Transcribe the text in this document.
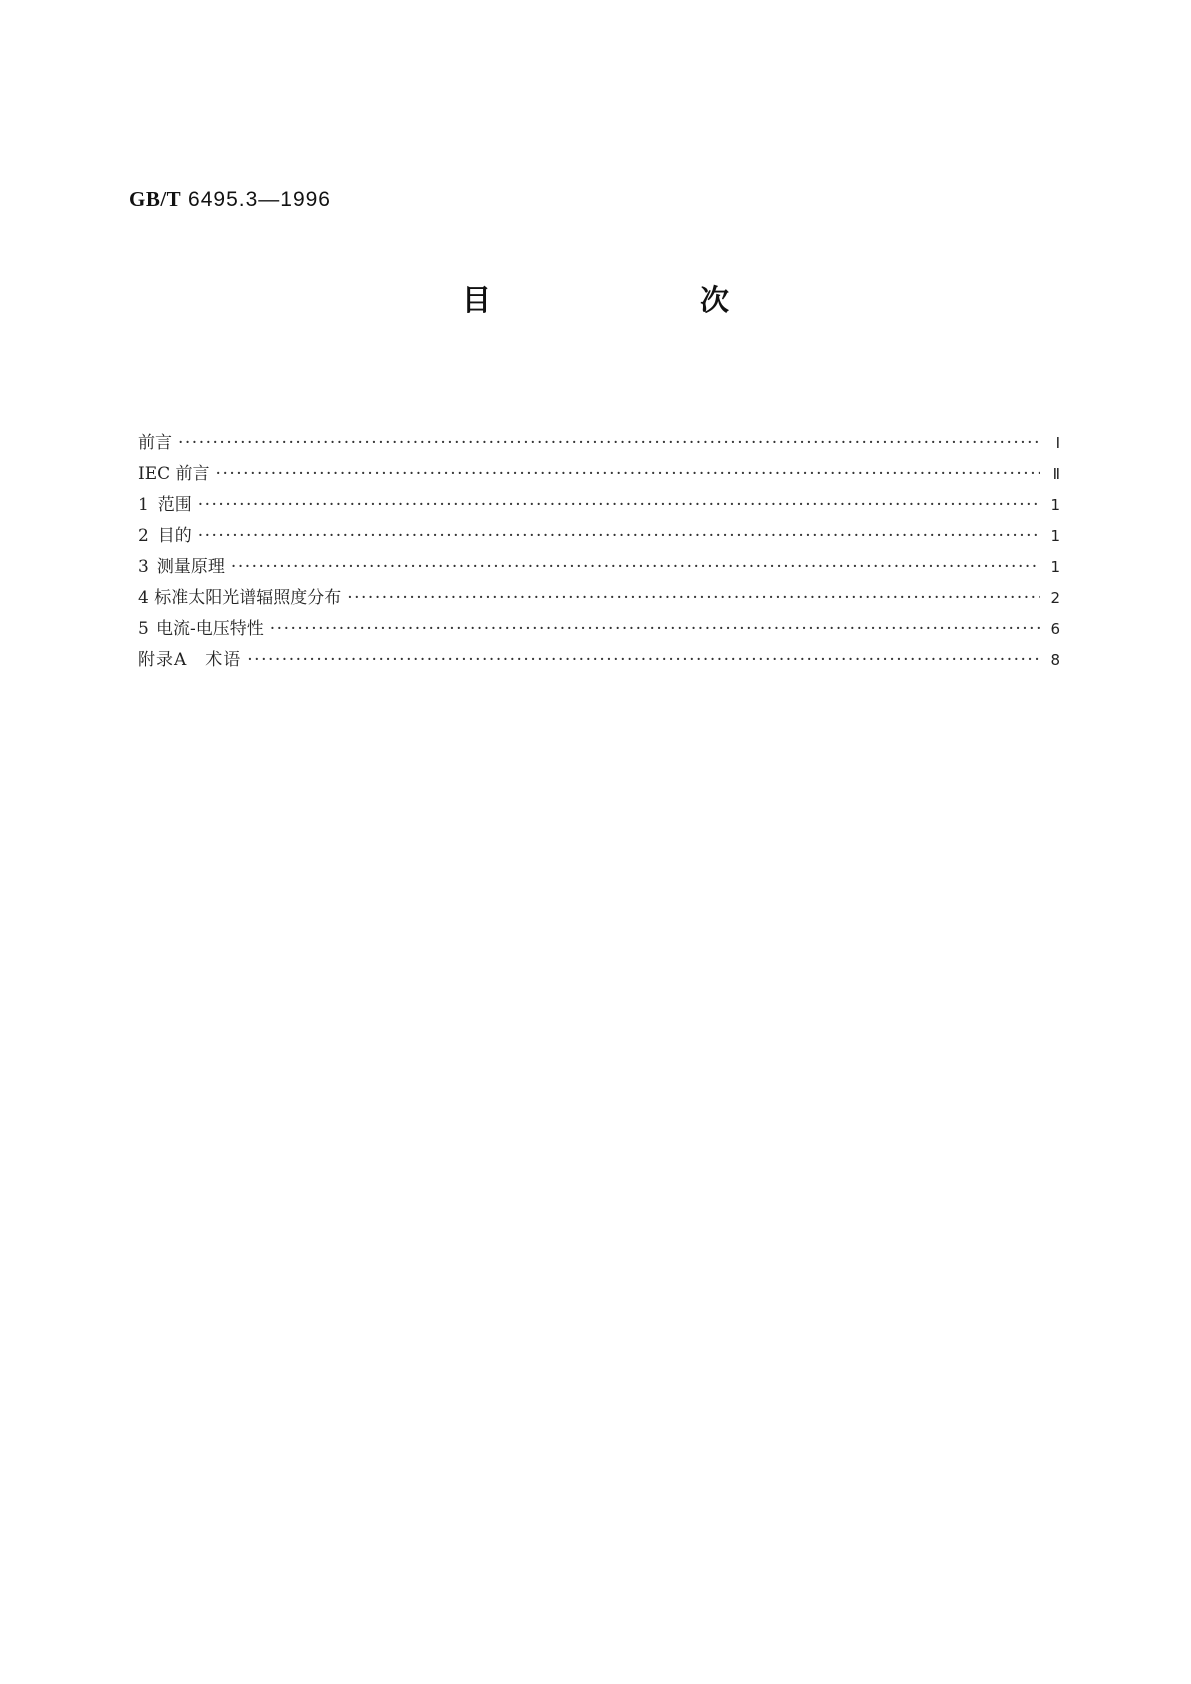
GB/T 6495.3—1996
目　次
前言 ·····	Ⅰ
IEC 前言 ·····	Ⅱ
1 范围 ·····	1
2 目的 ·····	1
3 测量原理 ·····	1
4 标准太阳光谱辐照度分布 ·····	2
5 电流-电压特性 ·····	6
附录A　术语 ·····	8
